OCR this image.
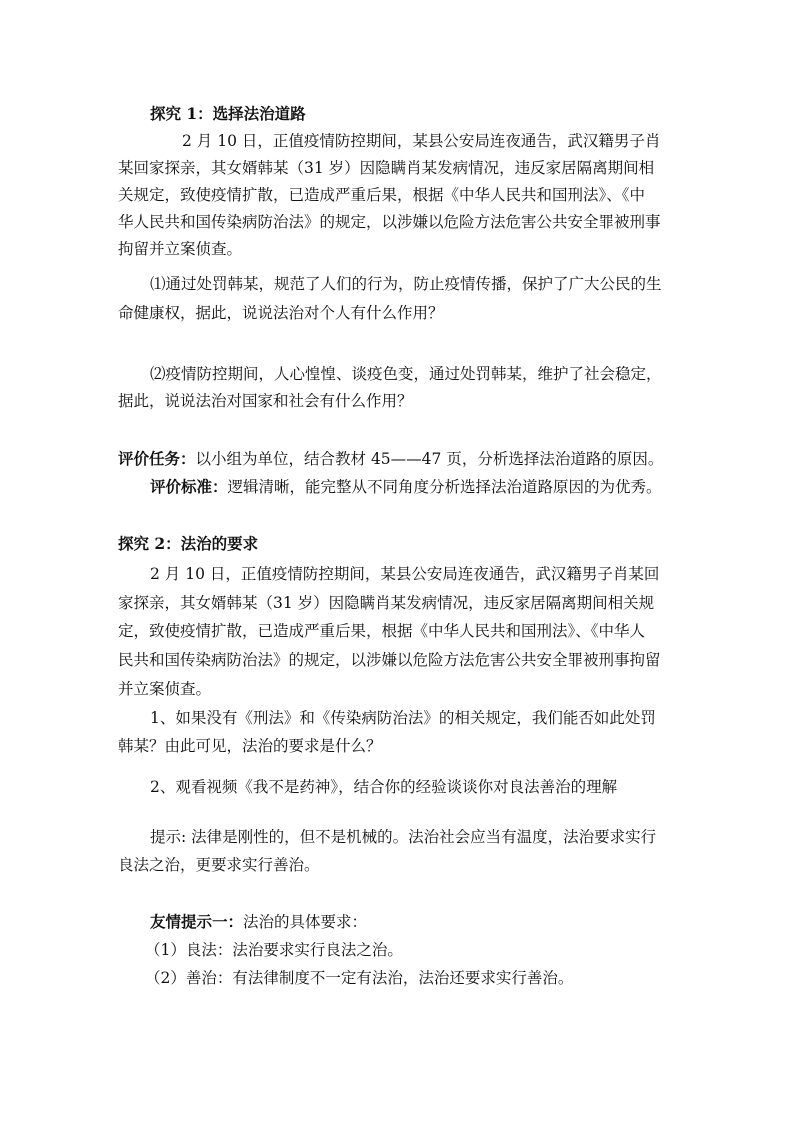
探究 1：选择法治道路
2 月 10 日，正值疫情防控期间，某县公安局连夜通告，武汉籍男子肖
某回家探亲，其女婿韩某（31 岁）因隐瞒肖某发病情况，违反家居隔离期间相
关规定，致使疫情扩散，已造成严重后果，根据《中华人民共和国刑法》、《中
华人民共和国传染病防治法》的规定，以涉嫌以危险方法危害公共安全罪被刑事
拘留并立案侦查。
⑴通过处罚韩某，规范了人们的行为，防止疫情传播，保护了广大公民的生
命健康权，据此，说说法治对个人有什么作用？
⑵疫情防控期间，人心惶惶、谈疫色变，通过处罚韩某，维护了社会稳定，
据此，说说法治对国家和社会有什么作用？
评价任务：以小组为单位，结合教材 45——47 页，分析选择法治道路的原因。
评价标准：逻辑清晰，能完整从不同角度分析选择法治道路原因的为优秀。
探究 2：法治的要求
2 月 10 日，正值疫情防控期间，某县公安局连夜通告，武汉籍男子肖某回
家探亲，其女婿韩某（31 岁）因隐瞒肖某发病情况，违反家居隔离期间相关规
定，致使疫情扩散，已造成严重后果，根据《中华人民共和国刑法》、《中华人
民共和国传染病防治法》的规定，以涉嫌以危险方法危害公共安全罪被刑事拘留
并立案侦查。
1、如果没有《刑法》和《传染病防治法》的相关规定，我们能否如此处罚
韩某？由此可见，法治的要求是什么？
2、观看视频《我不是药神》，结合你的经验谈谈你对良法善治的理解
提示: 法律是刚性的，但不是机械的。法治社会应当有温度，法治要求实行
良法之治，更要求实行善治。
友情提示一：法治的具体要求：
（1）良法：法治要求实行良法之治。
（2）善治：有法律制度不一定有法治，法治还要求实行善治。
